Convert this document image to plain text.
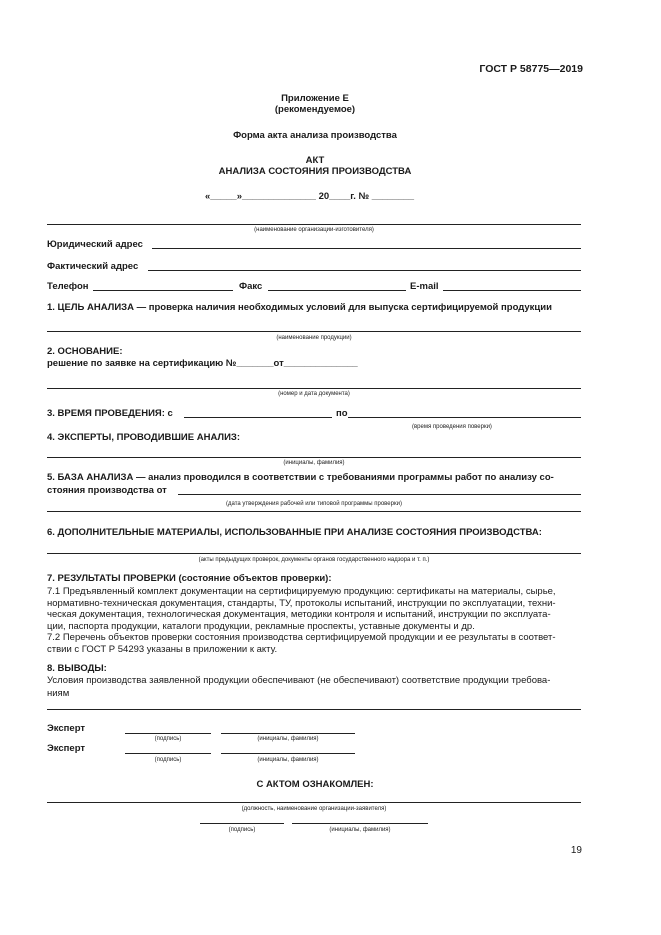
ГОСТ Р 58775—2019
Приложение Е
(рекомендуемое)
Форма акта анализа производства
АКТ
АНАЛИЗА СОСТОЯНИЯ ПРОИЗВОДСТВА
«_____»______________ 20____г. № ________
(наименование организации-изготовителя)
Юридический адрес
Фактический адрес
Телефон	Факс	E-mail
1. ЦЕЛЬ АНАЛИЗА — проверка наличия необходимых условий для выпуска сертифицируемой продукции
(наименование продукции)
2. ОСНОВАНИЕ:
решение по заявке на сертификацию №_______от______________
(номер и дата документа)
3. ВРЕМЯ ПРОВЕДЕНИЯ: с	по
(время проведения поверки)
4. ЭКСПЕРТЫ, ПРОВОДИВШИЕ АНАЛИЗ:
(инициалы, фамилия)
5. БАЗА АНАЛИЗА — анализ проводился в соответствии с требованиями программы работ по анализу со-
стояния производства от
(дата утверждения рабочей или типовой программы проверки)
6. ДОПОЛНИТЕЛЬНЫЕ МАТЕРИАЛЫ, ИСПОЛЬЗОВАННЫЕ ПРИ АНАЛИЗЕ СОСТОЯНИЯ ПРОИЗВОДСТВА:
(акты предыдущих проверок, документы органов государственного надзора и т. п.)
7. РЕЗУЛЬТАТЫ ПРОВЕРКИ (состояние объектов проверки):
7.1 Предъявленный комплект документации на сертифицируемую продукцию: сертификаты на материалы, сырье,
нормативно-техническая документация, стандарты, ТУ, протоколы испытаний, инструкции по эксплуатации, техни-
ческая документация, технологическая документация, методики контроля и испытаний, инструкции по эксплуата-
ции, паспорта продукции, каталоги продукции, рекламные проспекты, уставные документы и др.
7.2 Перечень объектов проверки состояния производства сертифицируемой продукции и ее результаты в соответ-
ствии с ГОСТ Р 54293 указаны в приложении к акту.
8. ВЫВОДЫ:
Условия производства заявленной продукции обеспечивают (не обеспечивают) соответствие продукции требова-
ниям
Эксперт
(подпись)	(инициалы, фамилия)
Эксперт
(подпись)	(инициалы, фамилия)
С АКТОМ ОЗНАКОМЛЕН:
(должность, наименование организации-заявителя)
(подпись)	(инициалы, фамилия)
19
